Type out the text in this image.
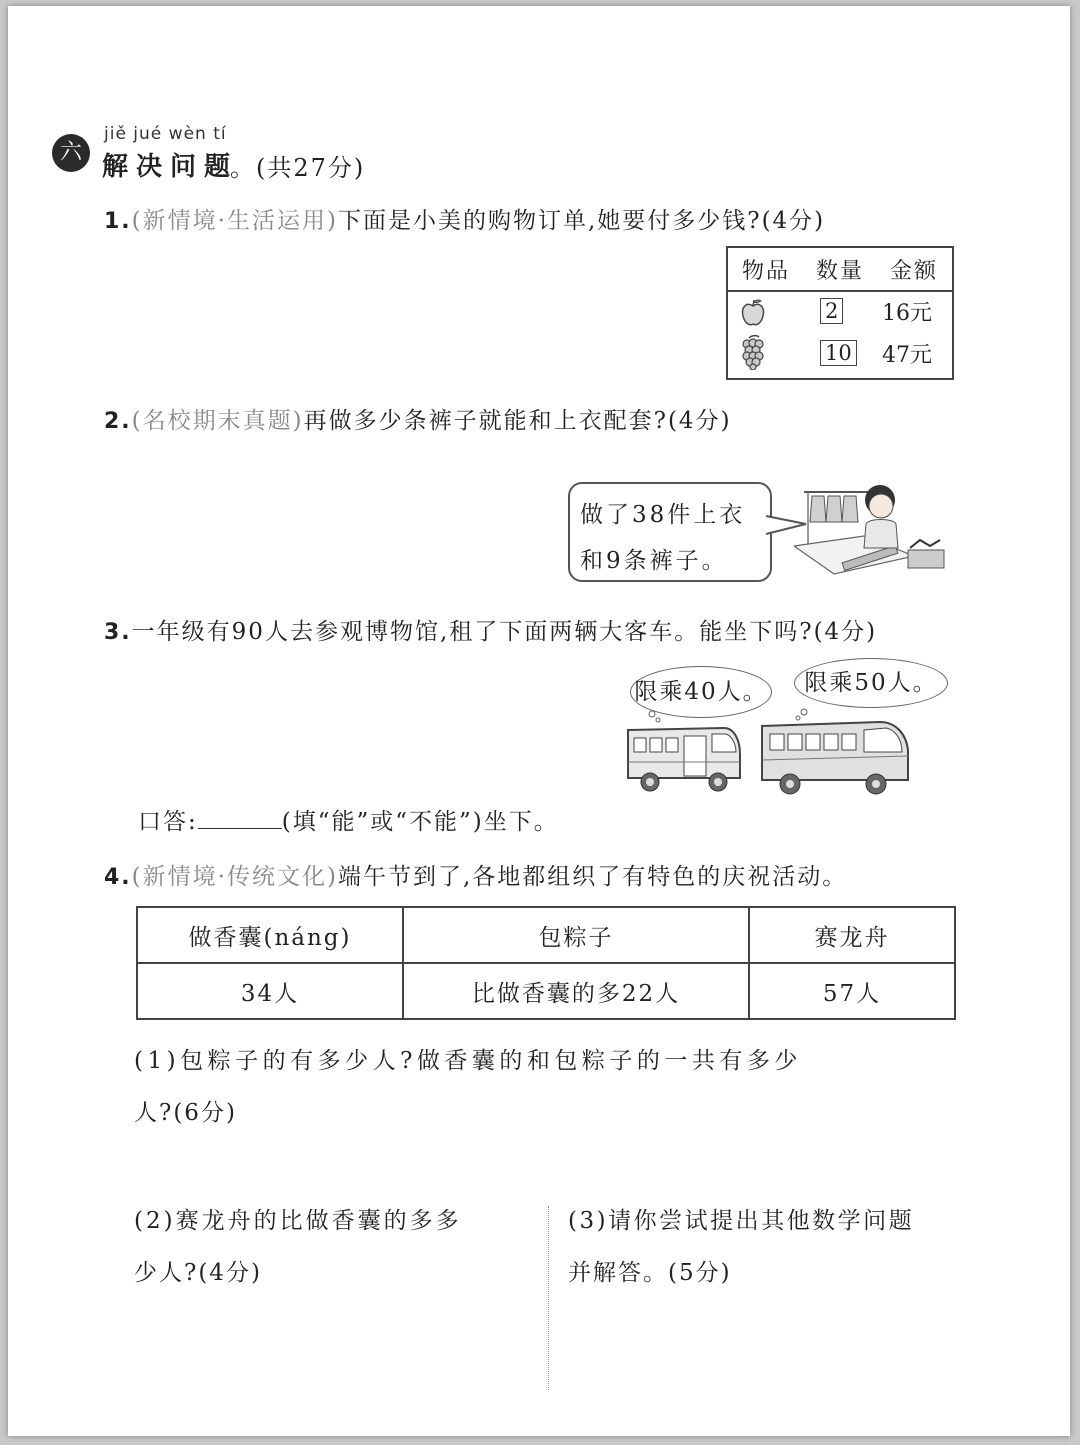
六
jiě jué wèn tí
解决问题
。(共27分)
1.(新情境·生活运用)下面是小美的购物订单,她要付多少钱?(4分)
物品 数量 金额

2 16元
10 47元
2.(名校期末真题)再做多少条裤子就能和上衣配套?(4分)
做了38件上衣
和9条裤子。
3.一年级有90人去参观博物馆,租了下面两辆大客车。能坐下吗?(4分)
限乘40人。	限乘50人。
口答:	(填“能”或“不能”)坐下。
4.(新情境·传统文化)端午节到了,各地都组织了有特色的庆祝活动。
做香囊(náng)	包粽子	赛龙舟
34人	比做香囊的多22人	57人
(1)包粽子的有多少人?做香囊的和包粽子的一共有多少
人?(6分)
(2)赛龙舟的比做香囊的多多
少人?(4分)
(3)请你尝试提出其他数学问题
并解答。(5分)
